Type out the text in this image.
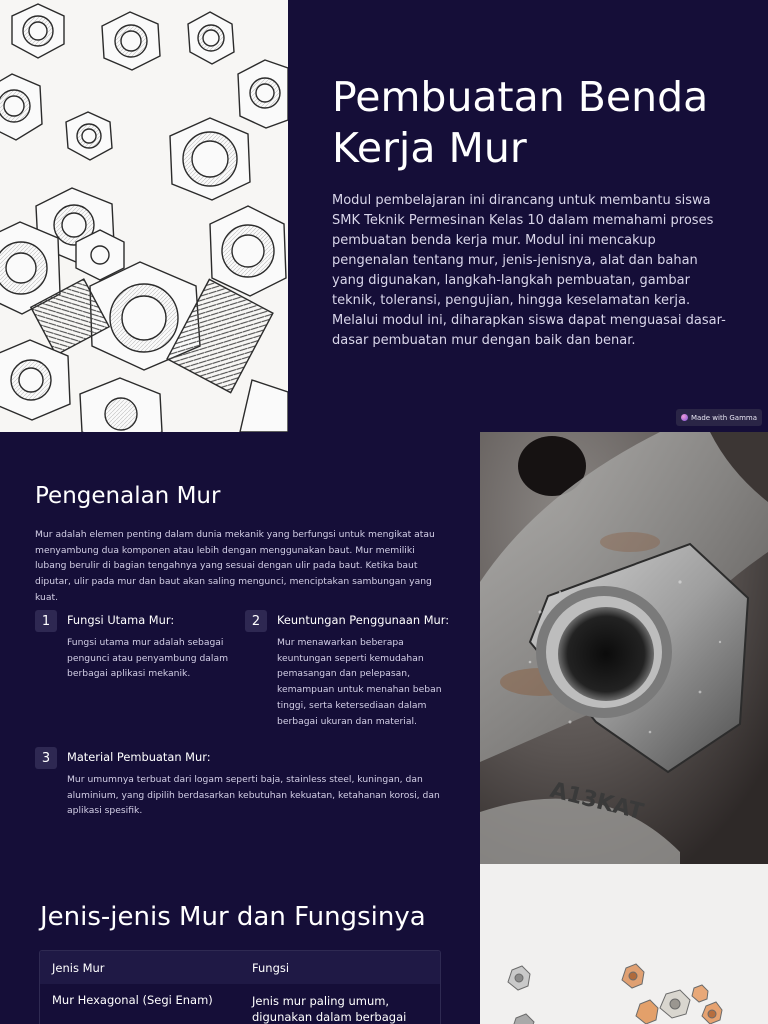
Pembuatan Benda Kerja Mur

Modul pembelajaran ini dirancang untuk membantu siswa SMK Teknik Permesinan Kelas 10 dalam memahami proses pembuatan benda kerja mur. Modul ini mencakup pengenalan tentang mur, jenis-jenisnya, alat dan bahan yang digunakan, langkah-langkah pembuatan, gambar teknik, toleransi, pengujian, hingga keselamatan kerja. Melalui modul ini, diharapkan siswa dapat menguasai dasar-dasar pembuatan mur dengan baik dan benar.

Made with Gamma
Pengenalan Mur

Mur adalah elemen penting dalam dunia mekanik yang berfungsi untuk mengikat atau menyambung dua komponen atau lebih dengan menggunakan baut. Mur memiliki lubang berulir di bagian tengahnya yang sesuai dengan ulir pada baut. Ketika baut diputar, ulir pada mur dan baut akan saling mengunci, menciptakan sambungan yang kuat.

1	Fungsi Utama Mur:
Fungsi utama mur adalah sebagai pengunci atau penyambung dalam berbagai aplikasi mekanik.
2	Keuntungan Penggunaan Mur:
Mur menawarkan beberapa keuntungan seperti kemudahan pemasangan dan pelepasan, kemampuan untuk menahan beban tinggi, serta ketersediaan dalam berbagai ukuran dan material.
3	Material Pembuatan Mur:
Mur umumnya terbuat dari logam seperti baja, stainless steel, kuningan, dan aluminium, yang dipilih berdasarkan kebutuhan kekuatan, ketahanan korosi, dan aplikasi spesifik.	A13KAT
Jenis-jenis Mur dan Fungsinya
Jenis Mur	Fungsi
Mur Hexagonal (Segi Enam)	Jenis mur paling umum, digunakan dalam berbagai
